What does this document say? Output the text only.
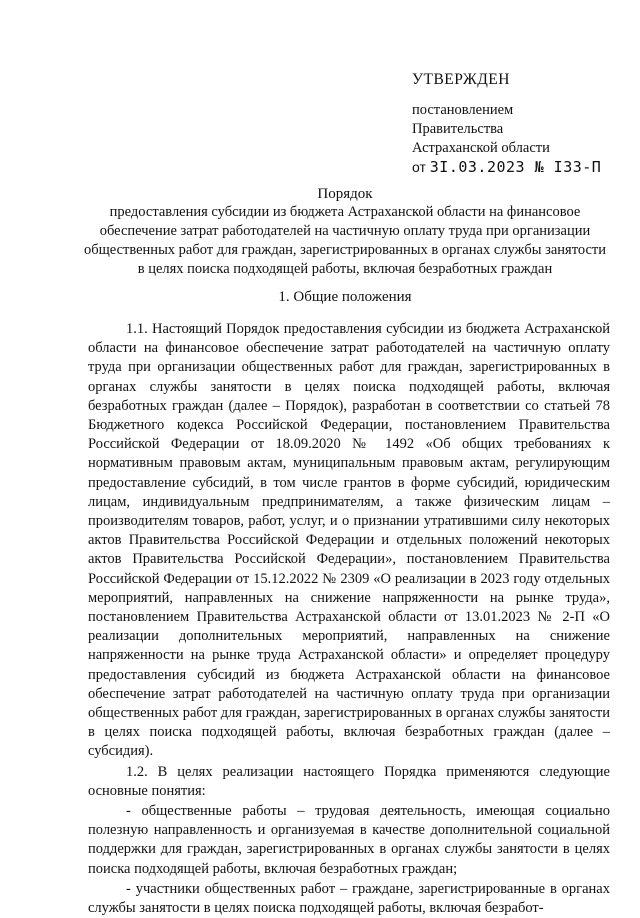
УТВЕРЖДЕН
постановлением
Правительства
Астраханской области
от 3I.03.2023 № I33-П
Порядок
предоставления субсидии из бюджета Астраханской области на финансовое обеспечение затрат работодателей на частичную оплату труда при организации общественных работ для граждан, зарегистрированных в органах службы занятости в целях поиска подходящей работы, включая безработных граждан
1. Общие положения

1.1. Настоящий Порядок предоставления субсидии из бюджета Астраханской области на финансовое обеспечение затрат работодателей на частичную оплату труда при организации общественных работ для граждан, зарегистрированных в органах службы занятости в целях поиска подходящей работы, включая безработных граждан (далее – Порядок), разработан в соответствии со статьей 78 Бюджетного кодекса Российской Федерации, постановлением Правительства Российской Федерации от 18.09.2020 № 1492 «Об общих требованиях к нормативным правовым актам, муниципальным правовым актам, регулирующим предоставление субсидий, в том числе грантов в форме субсидий, юридическим лицам, индивидуальным предпринимателям, а также физическим лицам – производителям товаров, работ, услуг, и о признании утратившими силу некоторых актов Правительства Российской Федерации и отдельных положений некоторых актов Правительства Российской Федерации», постановлением Правительства Российской Федерации от 15.12.2022 № 2309 «О реализации в 2023 году отдельных мероприятий, направленных на снижение напряженности на рынке труда», постановлением Правительства Астраханской области от 13.01.2023 № 2-П «О реализации дополнительных мероприятий, направленных на снижение напряженности на рынке труда Астраханской области» и определяет процедуру предоставления субсидий из бюджета Астраханской области на финансовое обеспечение затрат работодателей на частичную оплату труда при организации общественных работ для граждан, зарегистрированных в органах службы занятости в целях поиска подходящей работы, включая безработных граждан (далее – субсидия).

1.2. В целях реализации настоящего Порядка применяются следующие основные понятия:

- общественные работы – трудовая деятельность, имеющая социально полезную направленность и организуемая в качестве дополнительной социальной поддержки для граждан, зарегистрированных в органах службы занятости в целях поиска подходящей работы, включая безработных граждан;

- участники общественных работ – граждане, зарегистрированные в органах службы занятости в целях поиска подходящей работы, включая безработ-
